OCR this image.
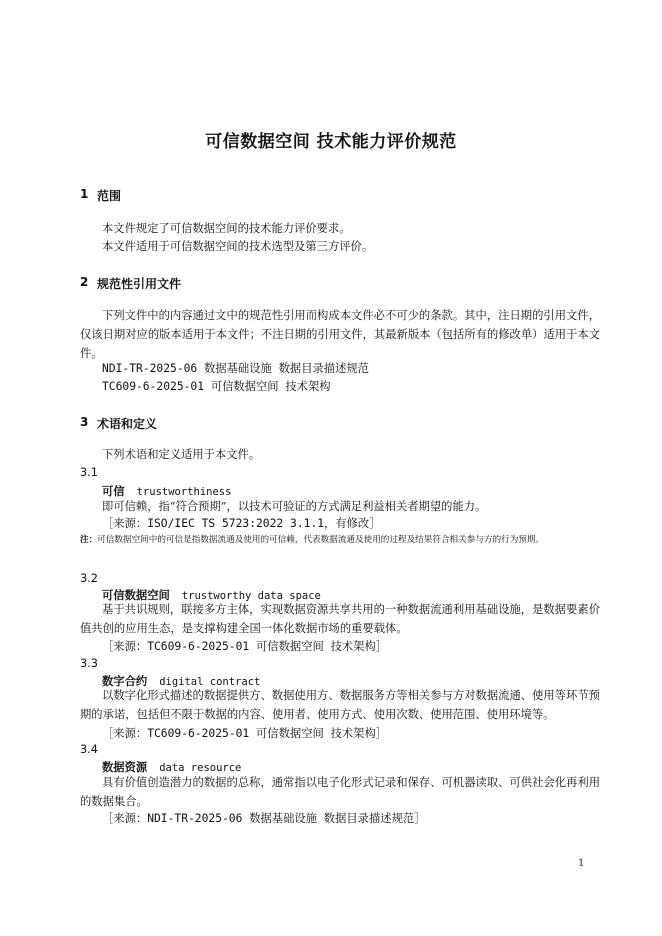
可信数据空间 技术能力评价规范
1 范围
本文件规定了可信数据空间的技术能力评价要求。
本文件适用于可信数据空间的技术选型及第三方评价。
2 规范性引用文件
下列文件中的内容通过文中的规范性引用而构成本文件必不可少的条款。其中，注日期的引用文件，仅该日期对应的版本适用于本文件；不注日期的引用文件，其最新版本（包括所有的修改单）适用于本文件。
NDI-TR-2025-06 数据基础设施 数据目录描述规范
TC609-6-2025-01 可信数据空间 技术架构
3 术语和定义
下列术语和定义适用于本文件。
3.1
可信 trustworthiness
即可信赖，指“符合预期”，以技术可验证的方式满足利益相关者期望的能力。
［来源：ISO/IEC TS 5723:2022 3.1.1，有修改］
注：可信数据空间中的可信是指数据流通及使用的可信赖，代表数据流通及使用的过程及结果符合相关参与方的行为预期。
3.2
可信数据空间 trustworthy data space
基于共识规则，联接多方主体，实现数据资源共享共用的一种数据流通利用基础设施，是数据要素价值共创的应用生态，是支撑构建全国一体化数据市场的重要载体。
［来源：TC609-6-2025-01 可信数据空间 技术架构］
3.3
数字合约 digital contract
以数字化形式描述的数据提供方、数据使用方、数据服务方等相关参与方对数据流通、使用等环节预期的承诺，包括但不限于数据的内容、使用者、使用方式、使用次数、使用范围、使用环境等。
［来源：TC609-6-2025-01 可信数据空间 技术架构］
3.4
数据资源 data resource
具有价值创造潜力的数据的总称，通常指以电子化形式记录和保存、可机器读取、可供社会化再利用的数据集合。
［来源：NDI-TR-2025-06 数据基础设施 数据目录描述规范］
1
